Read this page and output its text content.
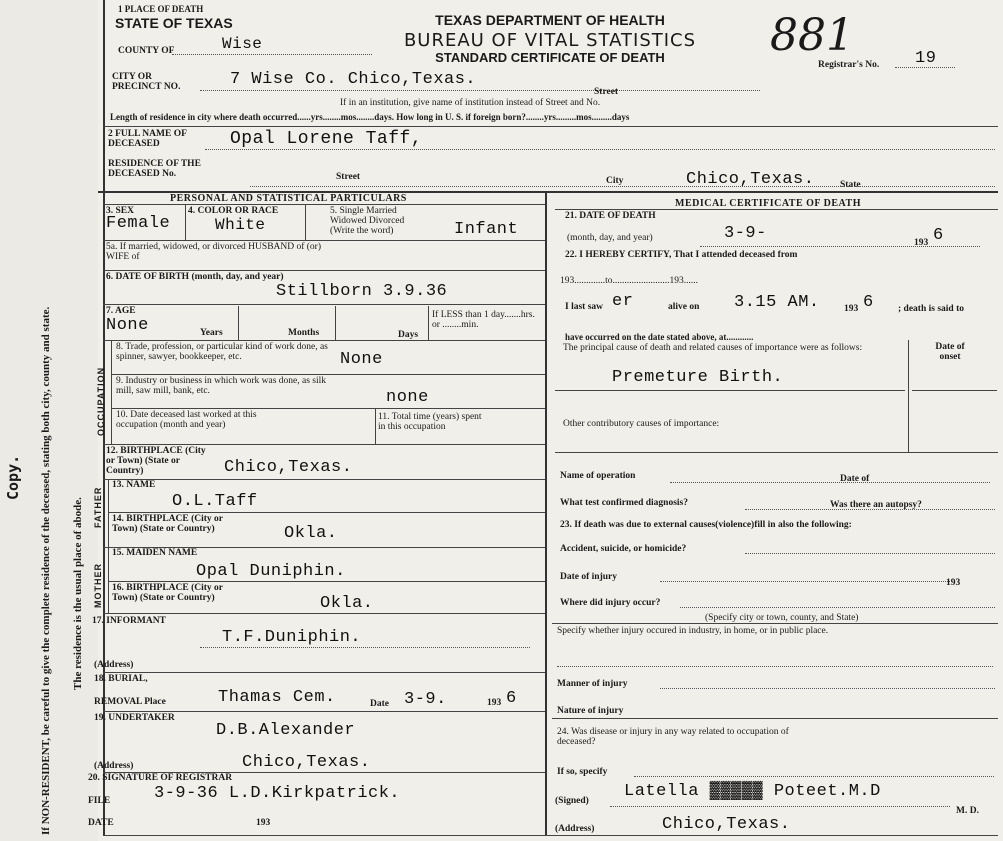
If NON-RESIDENT, be careful to give the complete residence of the deceased, stating both city, county and state. The residence is the usual place of abode.
Copy.
1 PLACE OF DEATH
STATE OF TEXAS	TEXAS DEPARTMENT OF HEALTH
BUREAU OF VITAL STATISTICS
STANDARD CERTIFICATE OF DEATH	881
Registrar's No. 19
COUNTY OF	Wise
CITY OR PRECINCT NO.	7 Wise Co. Chico,Texas.
Street
If in an institution, give name of institution instead of Street and No.
Length of residence in city where death occurred......yrs........mos........days. How long in U. S. if foreign born?........yrs.........mos.........days
2 FULL NAME OF DECEASED	Opal Lorene Taff,
RESIDENCE OF THE DECEASED No.	Street	City	Chico,Texas.	State
PERSONAL AND STATISTICAL PARTICULARS
3. SEX
Female
4. COLOR OR RACE
White
5. Single Married
Widowed Divorced
(Write the word)	Infant
5a. If married, widowed, or divorced HUSBAND of (or) WIFE of
6. DATE OF BIRTH (month, day, and year)
Stillborn 3.9.36
7. AGE
None	Years	Months	Days
If LESS than 1 day.......hrs. or ........min.
OCCUPATION
8. Trade, profession, or particular kind of work done, as spinner, sawyer, bookkeeper, etc.	None
9. Industry or business in which work was done, as silk mill, saw mill, bank, etc.	none
10. Date deceased last worked at this occupation (month and year)
11. Total time (years) spent in this occupation
12. BIRTHPLACE (City or Town) (State or Country)	Chico,Texas.
FATHER
13. NAME
O.L.Taff
14. BIRTHPLACE (City or Town) (State or Country)	Okla.
MOTHER
15. MAIDEN NAME
Opal Duniphin.
16. BIRTHPLACE (City or Town) (State or Country)	Okla.
17. INFORMANT
T.F.Duniphin.
(Address)
18. BURIAL,
REMOVAL Place	Thamas Cem.	Date 3-9.	193 6
19. UNDERTAKER
D.B.Alexander
(Address)	Chico,Texas.
20. SIGNATURE OF REGISTRAR
FILE	3-9-36 L.D.Kirkpatrick.
DATE	193
MEDICAL CERTIFICATE OF DEATH
21. DATE OF DEATH
(month, day, and year)	3-9-	193 6
22. I HEREBY CERTIFY, That I attended deceased from
193.............to........................193......
I last saw er	alive on 3.15 AM.	193 6	; death is said to
have occurred on the date stated above, at............
The principal cause of death and related causes of importance were as follows:	Date of onset
Premeture Birth.
Other contributory causes of importance:
Name of operation	Date of
What test confirmed diagnosis?	Was there an autopsy?
23. If death was due to external causes(violence)fill in also the following:
Accident, suicide, or homicide?
Date of injury
193
Where did injury occur?
(Specify city or town, county, and State)
Specify whether injury occured in industry, in home, or in public place.
Manner of injury
Nature of injury
24. Was disease or injury in any way related to occupation of deceased?
If so, specify
(Signed) Latella ▓▓▓▓▓ Poteet.M.D
M. D.
(Address)	Chico,Texas.
